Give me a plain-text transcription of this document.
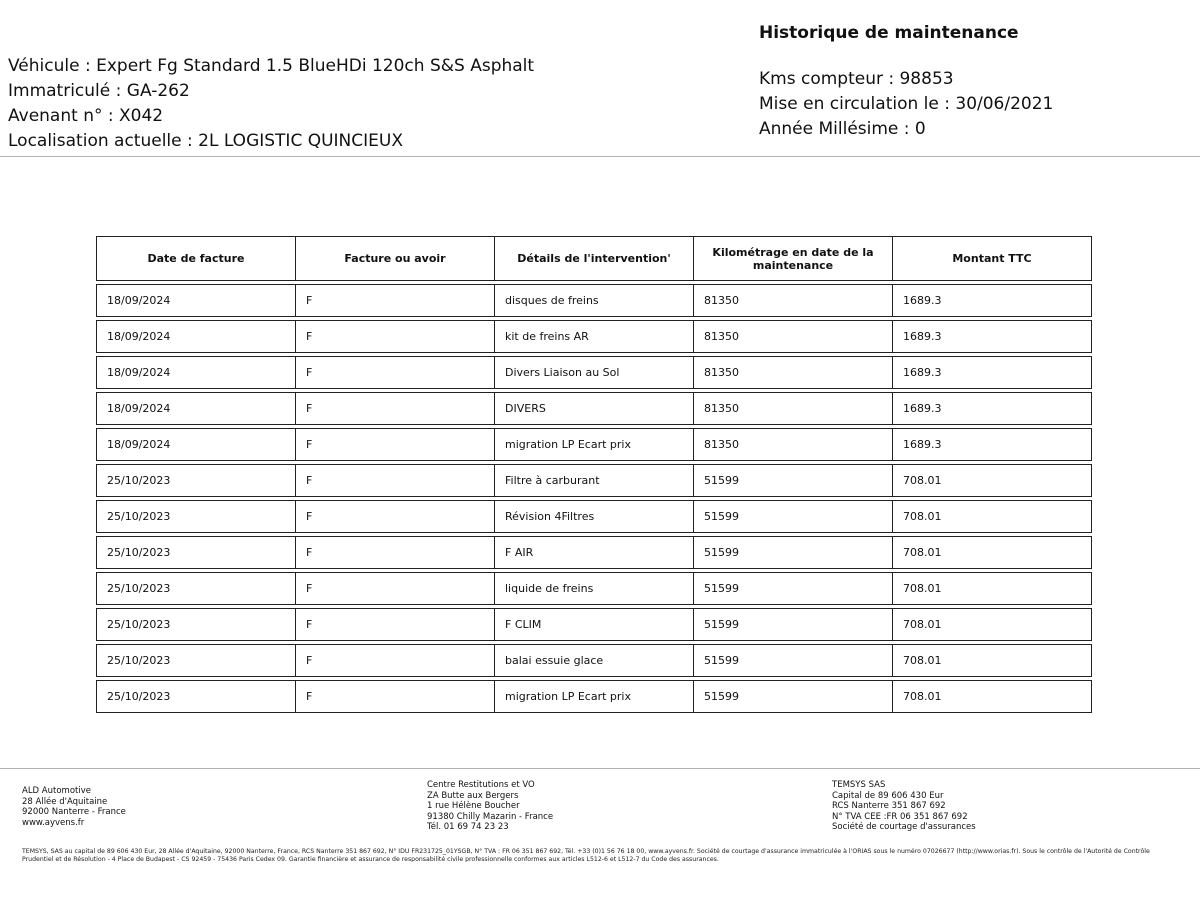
Véhicule : Expert Fg Standard 1.5 BlueHDi 120ch S&S Asphalt
Immatriculé : GA-262
Avenant n° : X042
Localisation actuelle : 2L LOGISTIC QUINCIEUX
Historique de maintenance
Kms compteur : 98853
Mise en circulation le : 30/06/2021
Année Millésime : 0
Date de facture	Facture ou avoir	Détails de l'intervention'	Kilométrage en date de la maintenance	Montant TTC
18/09/2024	F	disques de freins	81350	1689.3
18/09/2024	F	kit de freins AR	81350	1689.3
18/09/2024	F	Divers Liaison au Sol	81350	1689.3
18/09/2024	F	DIVERS	81350	1689.3
18/09/2024	F	migration LP Ecart prix	81350	1689.3
25/10/2023	F	Filtre à carburant	51599	708.01
25/10/2023	F	Révision 4Filtres	51599	708.01
25/10/2023	F	F AIR	51599	708.01
25/10/2023	F	liquide de freins	51599	708.01
25/10/2023	F	F CLIM	51599	708.01
25/10/2023	F	balai essuie glace	51599	708.01
25/10/2023	F	migration LP Ecart prix	51599	708.01
ALD Automotive
28 Allée d'Aquitaine
92000 Nanterre - France
www.ayvens.fr
Centre Restitutions et VO
ZA Butte aux Bergers
1 rue Hélène Boucher
91380 Chilly Mazarin - France
Tél. 01 69 74 23 23
TEMSYS SAS
Capital de 89 606 430 Eur
RCS Nanterre 351 867 692
N° TVA CEE :FR 06 351 867 692
Société de courtage d'assurances
TEMSYS, SAS au capital de 89 606 430 Eur, 28 Allée d'Aquitaine, 92000 Nanterre, France, RCS Nanterre 351 867 692, N° IDU FR231725_01YSGB, N° TVA : FR 06 351 867 692, Tél. +33 (0)1 56 76 18 00, www.ayvens.fr. Société de courtage d'assurance immatriculée à l'ORIAS sous le numéro 07026677 (http://www.orias.fr). Sous le contrôle de l'Autorité de Contrôle Prudentiel et de Résolution - 4 Place de Budapest - CS 92459 - 75436 Paris Cedex 09. Garantie financière et assurance de responsabilité civile professionnelle conformes aux articles L512-6 et L512-7 du Code des assurances.
